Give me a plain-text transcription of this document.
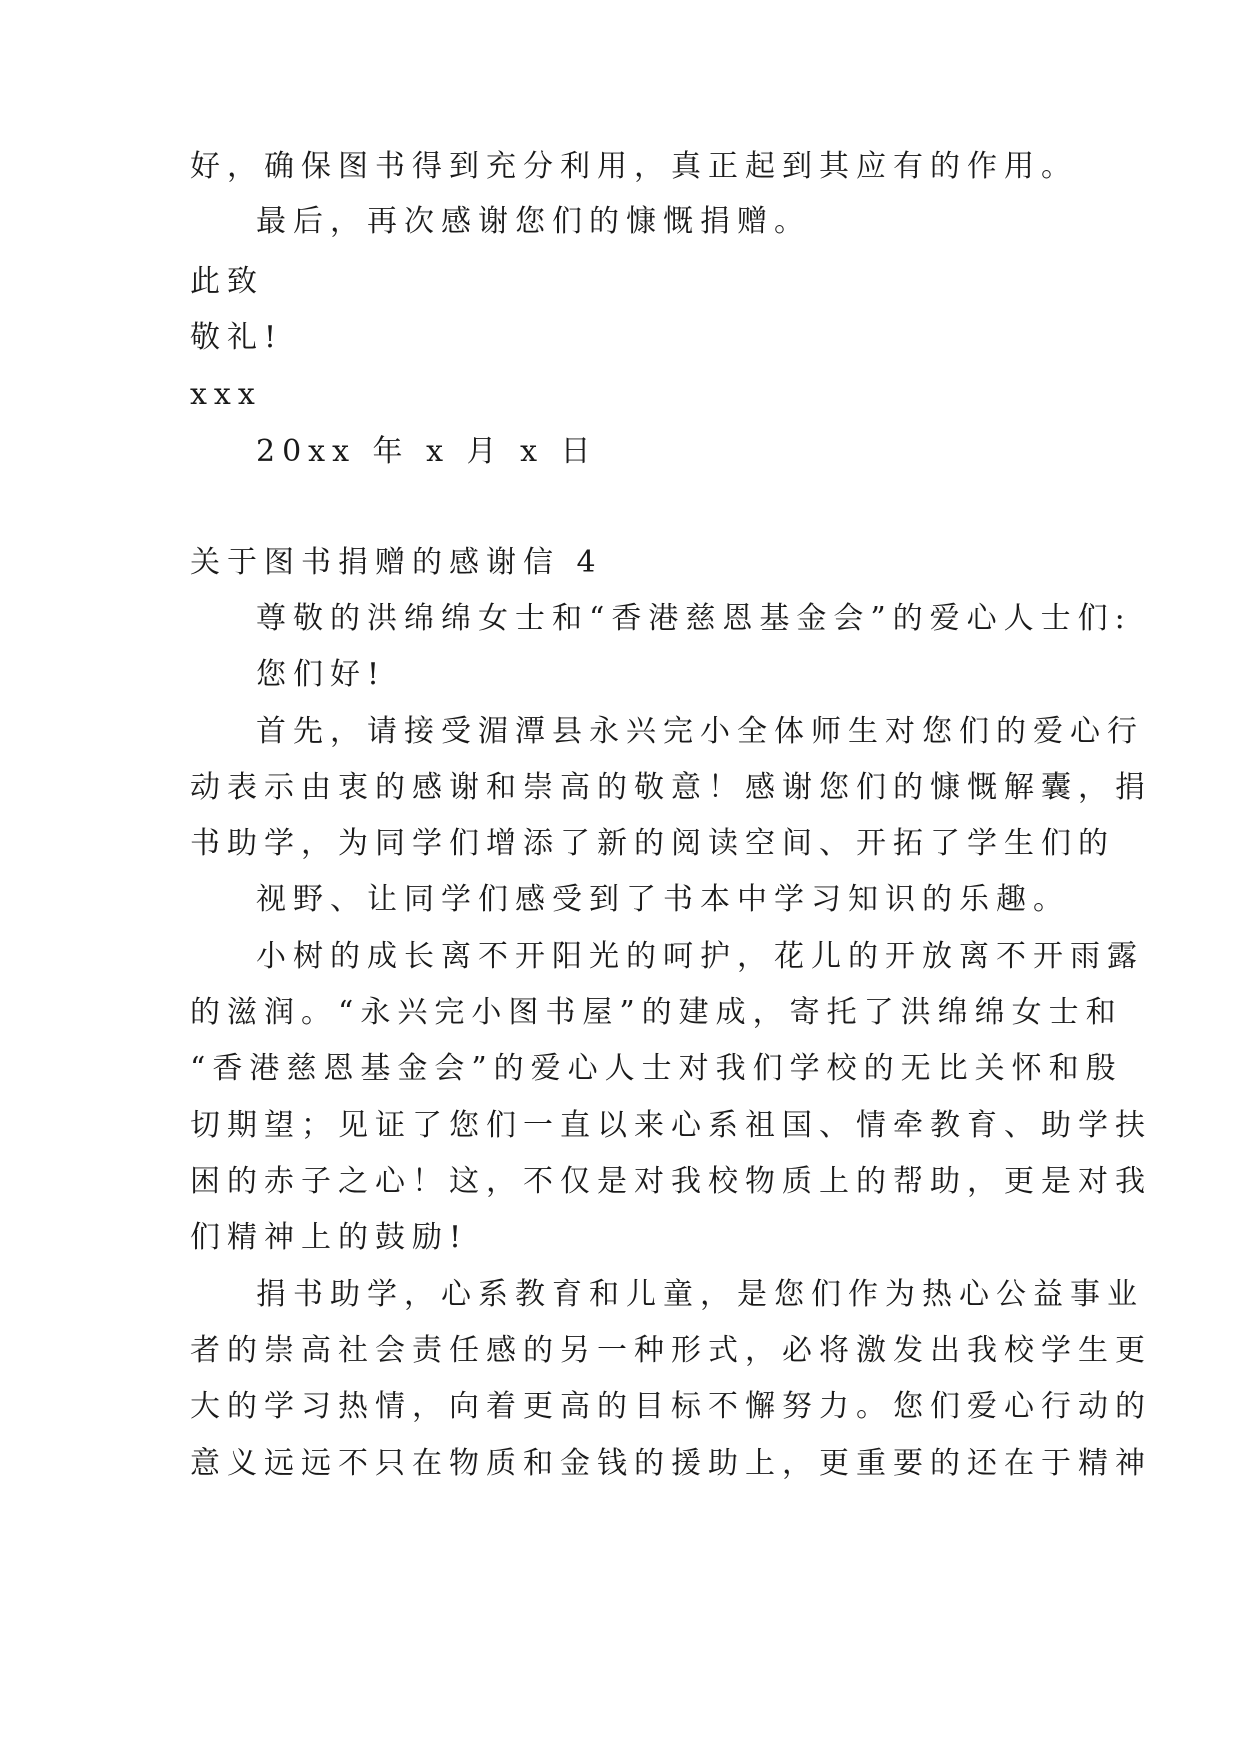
好，确保图书得到充分利用，真正起到其应有的作用。

最后，再次感谢您们的慷慨捐赠。

此致

敬礼!

xxx

20xx 年 x 月 x 日

关于图书捐赠的感谢信 4

尊敬的洪绵绵女士和“香港慈恩基金会”的爱心人士们:

您们好!

首先，请接受湄潭县永兴完小全体师生对您们的爱心行

动表示由衷的感谢和崇高的敬意！感谢您们的慷慨解囊，捐

书助学，为同学们增添了新的阅读空间、开拓了学生们的

视野、让同学们感受到了书本中学习知识的乐趣。

小树的成长离不开阳光的呵护，花儿的开放离不开雨露

的滋润。“永兴完小图书屋”的建成，寄托了洪绵绵女士和

“香港慈恩基金会”的爱心人士对我们学校的无比关怀和殷

切期望；见证了您们一直以来心系祖国、情牵教育、助学扶

困的赤子之心！这，不仅是对我校物质上的帮助，更是对我

们精神上的鼓励!

捐书助学，心系教育和儿童，是您们作为热心公益事业

者的崇高社会责任感的另一种形式，必将激发出我校学生更

大的学习热情，向着更高的目标不懈努力。您们爱心行动的

意义远远不只在物质和金钱的援助上，更重要的还在于精神
